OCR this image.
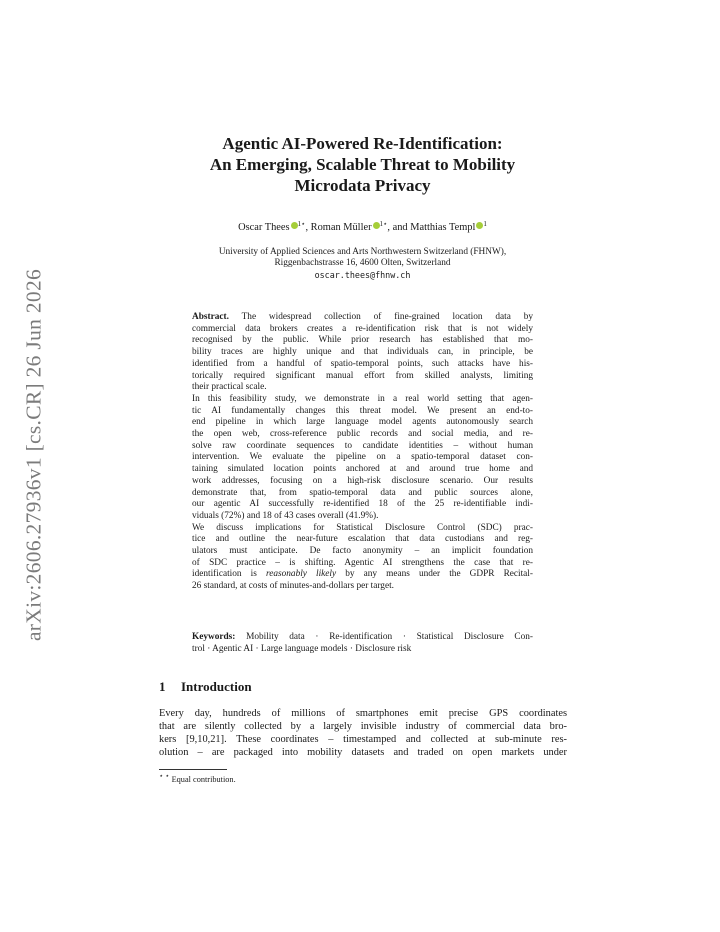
arXiv:2606.27936v1 [cs.CR] 26 Jun 2026
Agentic AI-Powered Re-Identification:
An Emerging, Scalable Threat to Mobility
Microdata Privacy
Oscar Thees $^{1⋆}$, Roman Müller $^{1⋆}$, and Matthias Templ $^1$
University of Applied Sciences and Arts Northwestern Switzerland (FHNW),
Riggenbachstrasse 16, 4600 Olten, Switzerland
oscar.thees@fhnw.ch
Abstract. The widespread collection of fine-grained location data by
commercial data brokers creates a re-identification risk that is not widely
recognised by the public. While prior research has established that mo-
bility traces are highly unique and that individuals can, in principle, be
identified from a handful of spatio-temporal points, such attacks have his-
torically required significant manual effort from skilled analysts, limiting
their practical scale.
In this feasibility study, we demonstrate in a real world setting that agen-
tic AI fundamentally changes this threat model. We present an end-to-
end pipeline in which large language model agents autonomously search
the open web, cross-reference public records and social media, and re-
solve raw coordinate sequences to candidate identities – without human
intervention. We evaluate the pipeline on a spatio-temporal dataset con-
taining simulated location points anchored at and around true home and
work addresses, focusing on a high-risk disclosure scenario. Our results
demonstrate that, from spatio-temporal data and public sources alone,
our agentic AI successfully re-identified 18 of the 25 re-identifiable indi-
viduals (72%) and 18 of 43 cases overall (41.9%).
We discuss implications for Statistical Disclosure Control (SDC) prac-
tice and outline the near-future escalation that data custodians and reg-
ulators must anticipate. De facto anonymity – an implicit foundation
of SDC practice – is shifting. Agentic AI strengthens the case that re-
identification is reasonably likely by any means under the GDPR Recital-
26 standard, at costs of minutes-and-dollars per target.
Keywords: Mobility data · Re-identification · Statistical Disclosure Con-
trol · Agentic AI · Large language models · Disclosure risk
1 Introduction
Every day, hundreds of millions of smartphones emit precise GPS coordinates
that are silently collected by a largely invisible industry of commercial data bro-
kers [9,10,21]. These coordinates – timestamped and collected at sub-minute res-
olution – are packaged into mobility datasets and traded on open markets under
⋆ ⋆ Equal contribution.
